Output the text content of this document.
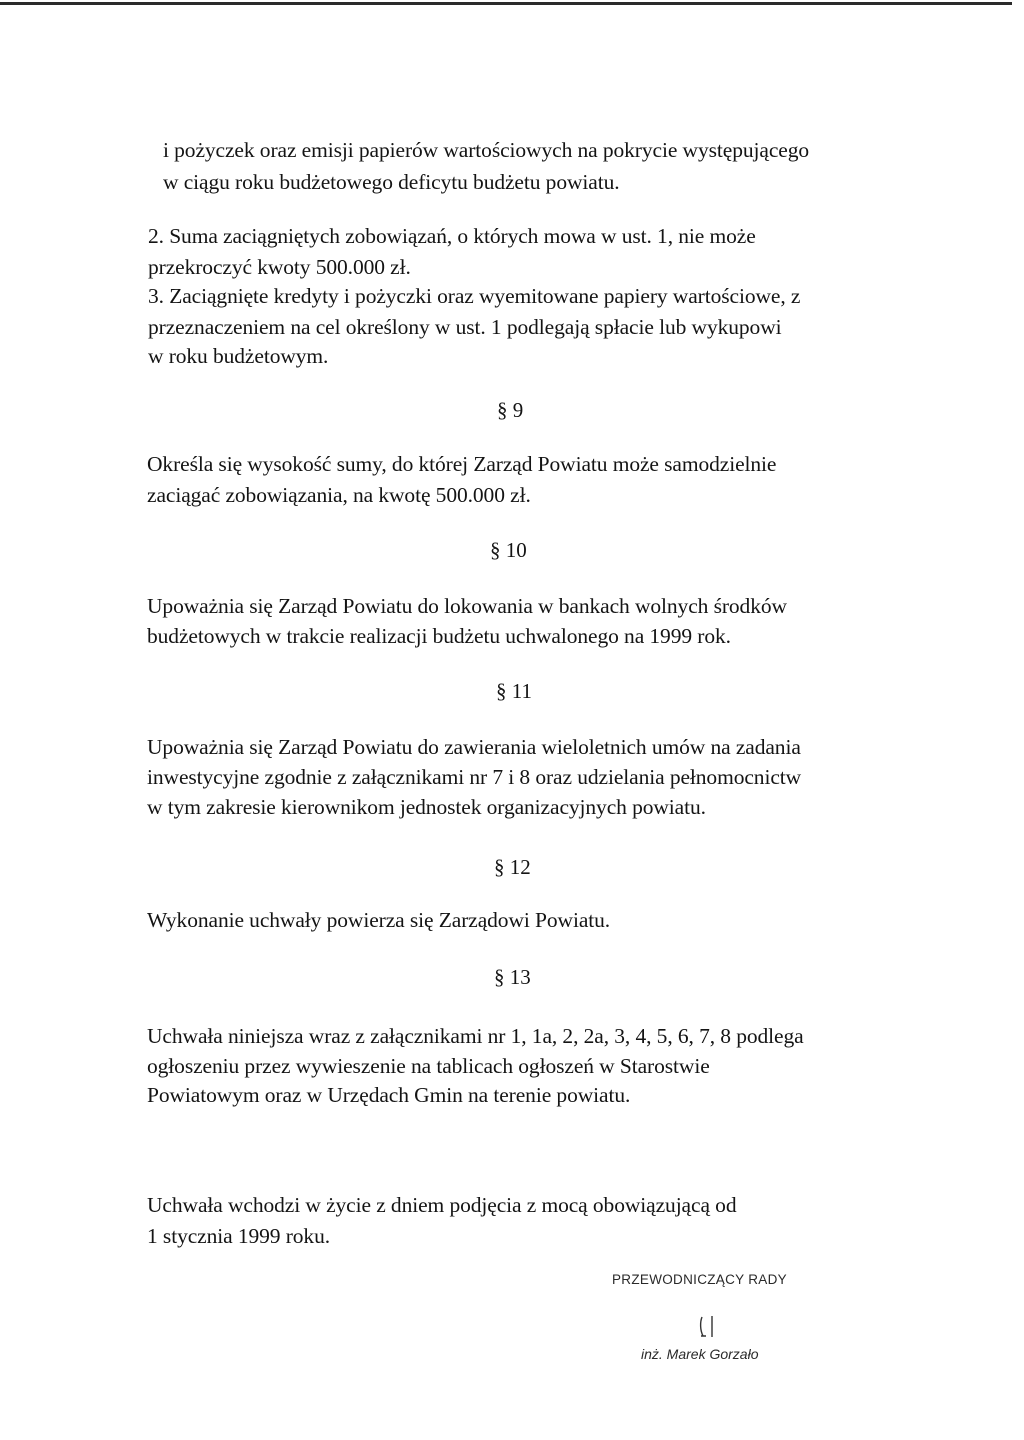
i pożyczek oraz emisji papierów wartościowych na pokrycie występującego

w ciągu roku budżetowego deficytu budżetu powiatu.

2. Suma zaciągniętych zobowiązań, o których mowa w ust. 1, nie może

przekroczyć kwoty 500.000 zł.

3. Zaciągnięte kredyty i pożyczki oraz wyemitowane papiery wartościowe, z

przeznaczeniem na cel określony w ust. 1 podlegają spłacie lub wykupowi

w roku budżetowym.

§ 9

Określa się wysokość sumy, do której Zarząd Powiatu może samodzielnie

zaciągać zobowiązania, na kwotę 500.000 zł.

§ 10

Upoważnia się Zarząd Powiatu do lokowania w bankach wolnych środków

budżetowych w trakcie realizacji budżetu uchwalonego na 1999 rok.

§ 11

Upoważnia się Zarząd Powiatu do zawierania wieloletnich umów na zadania

inwestycyjne zgodnie z załącznikami nr 7 i 8 oraz udzielania pełnomocnictw

w tym zakresie kierownikom jednostek organizacyjnych powiatu.

§ 12

Wykonanie uchwały powierza się Zarządowi Powiatu.

§ 13

Uchwała niniejsza wraz z załącznikami nr 1, 1a, 2, 2a, 3, 4, 5, 6, 7, 8 podlega

ogłoszeniu przez wywieszenie na tablicach ogłoszeń w Starostwie

Powiatowym oraz w Urzędach Gmin na terenie powiatu.

Uchwała wchodzi w życie z dniem podjęcia z mocą obowiązującą od

1 stycznia 1999 roku.

PRZEWODNICZĄCY RADY
inż. Marek Gorzało
